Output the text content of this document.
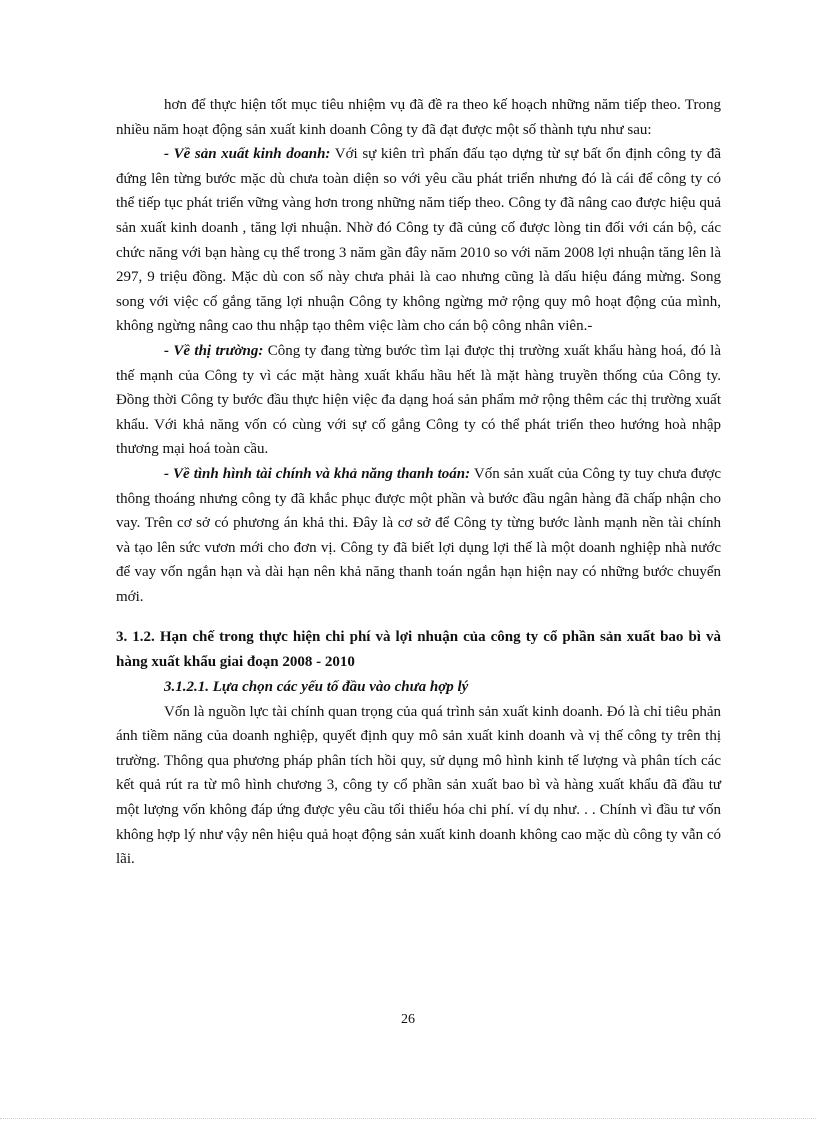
hơn để thực hiện tốt mục tiêu nhiệm vụ đã đề ra theo kế hoạch những năm tiếp theo. Trong nhiều năm hoạt động sản xuất kinh doanh Công ty đã đạt được một số thành tựu như sau:

- Về sản xuất kinh doanh: Với sự kiên trì phấn đấu tạo dựng từ sự bất ổn định công ty đã đứng lên từng bước mặc dù chưa toàn diện so với yêu cầu phát triển nhưng đó là cái để công ty có thể tiếp tục phát triển vững vàng hơn trong những năm tiếp theo. Công ty đã nâng cao được hiệu quả sản xuất kinh doanh , tăng lợi nhuận. Nhờ đó Công ty đã củng cố được lòng tin đối với cán bộ, các chức năng với bạn hàng cụ thể trong 3 năm gần đây năm 2010 so với năm 2008 lợi nhuận tăng lên là 297, 9 triệu đồng. Mặc dù con số này chưa phải là cao nhưng cũng là dấu hiệu đáng mừng. Song song với việc cố gắng tăng lợi nhuận Công ty không ngừng mở rộng quy mô hoạt động của mình, không ngừng nâng cao thu nhập tạo thêm việc làm cho cán bộ công nhân viên.-

- Về thị trường: Công ty đang từng bước tìm lại được thị trường xuất khẩu hàng hoá, đó là thế mạnh của Công ty vì các mặt hàng xuất khẩu hầu hết là mặt hàng truyền thống của Công ty. Đồng thời Công ty bước đầu thực hiện việc đa dạng hoá sản phẩm mở rộng thêm các thị trường xuất khẩu. Với khả năng vốn có cùng với sự cố gắng Công ty có thể phát triển theo hướng hoà nhập thương mại hoá toàn cầu.

- Về tình hình tài chính và khả năng thanh toán: Vốn sản xuất của Công ty tuy chưa được thông thoáng nhưng công ty đã khắc phục được một phần và bước đầu ngân hàng đã chấp nhận cho vay. Trên cơ sở có phương án khả thi. Đây là cơ sở để Công ty từng bước lành mạnh nền tài chính và tạo lên sức vươn mới cho đơn vị. Công ty đã biết lợi dụng lợi thế là một doanh nghiệp nhà nước để vay vốn ngắn hạn và dài hạn nên khả năng thanh toán ngắn hạn hiện nay có những bước chuyển mới.

3. 1.2. Hạn chế trong thực hiện chi phí và lợi nhuận của công ty cổ phần sản xuất bao bì và hàng xuất khẩu giai đoạn 2008 - 2010

3.1.2.1. Lựa chọn các yếu tố đầu vào chưa hợp lý

Vốn là nguồn lực tài chính quan trọng của quá trình sản xuất kinh doanh. Đó là chỉ tiêu phản ánh tiềm năng của doanh nghiệp, quyết định quy mô sản xuất kinh doanh và vị thế công ty trên thị trường. Thông qua phương pháp phân tích hồi quy, sử dụng mô hình kinh tế lượng và phân tích các kết quả rút ra từ mô hình chương 3, công ty cổ phần sản xuất bao bì và hàng xuất khẩu đã đầu tư một lượng vốn không đáp ứng được yêu cầu tối thiểu hóa chi phí. ví dụ như. . . Chính vì đầu tư vốn không hợp lý như vậy nên hiệu quả hoạt động sản xuất kinh doanh không cao mặc dù công ty vẫn có lãi.

26
